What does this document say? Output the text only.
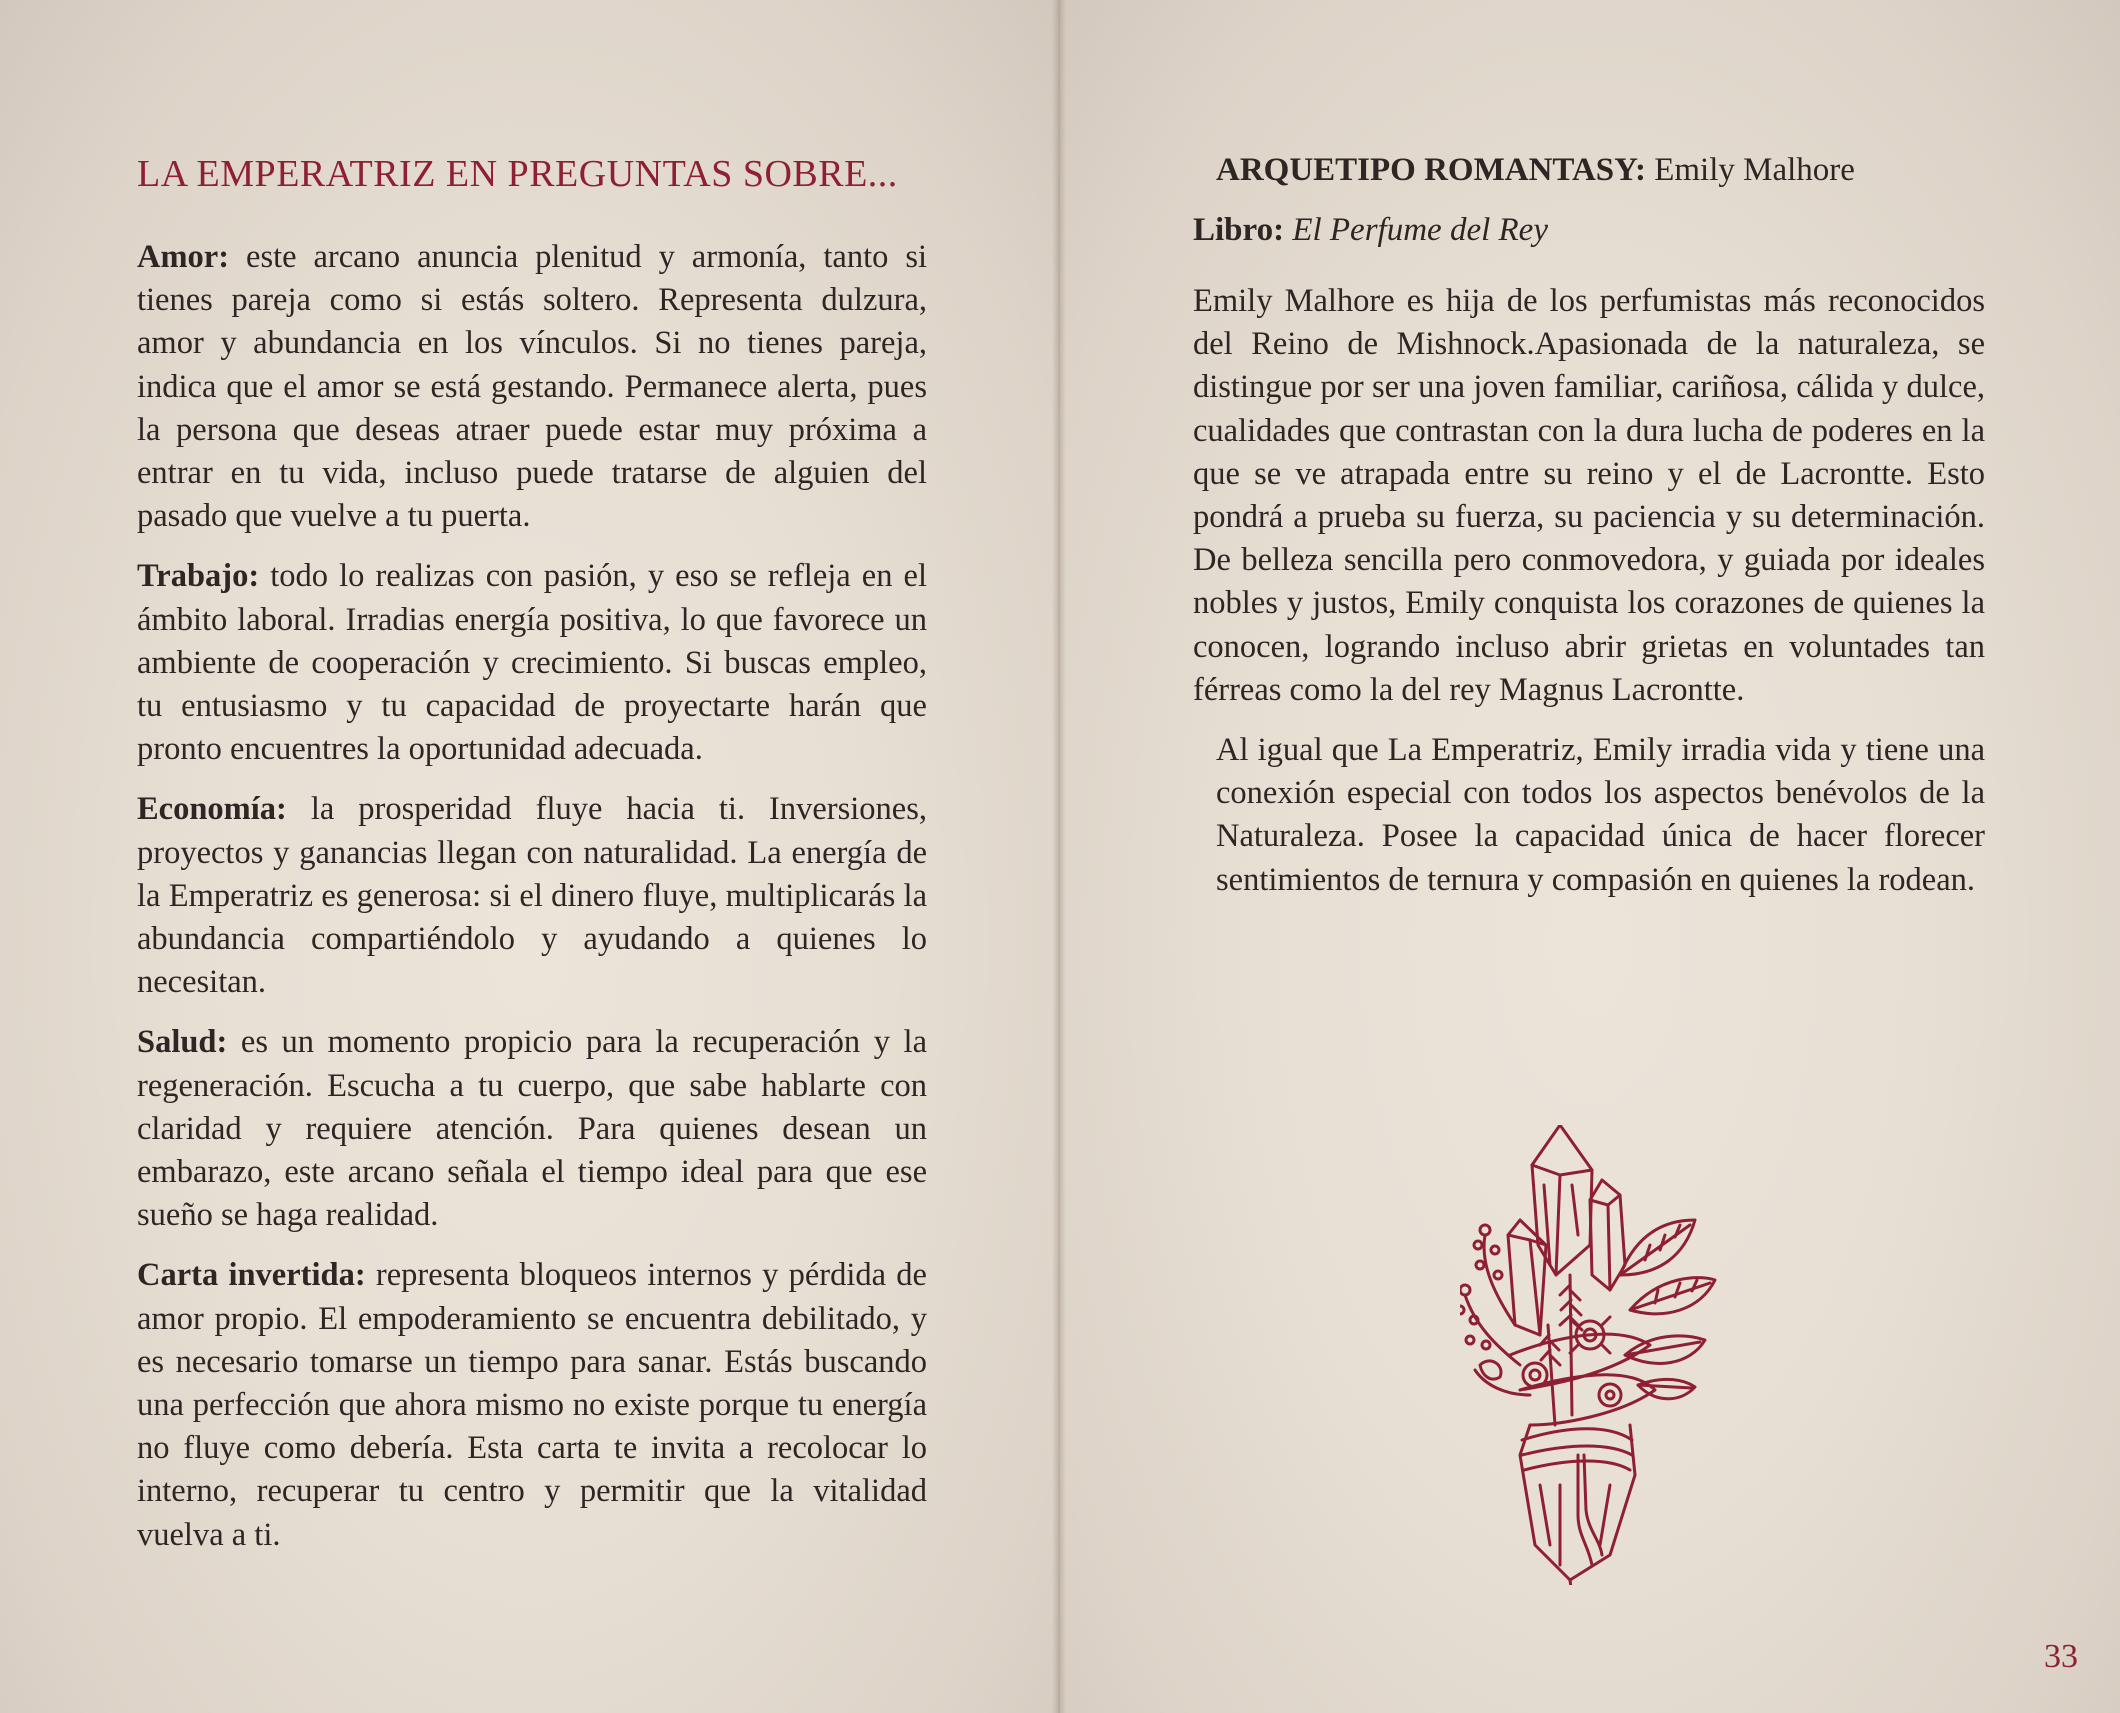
LA EMPERATRIZ EN PREGUNTAS SOBRE...

Amor: este arcano anuncia plenitud y armonía, tanto si tienes pareja como si estás soltero. Representa dulzura, amor y abundancia en los vínculos. Si no tienes pareja, indica que el amor se está gestando. Permanece alerta, pues la persona que deseas atraer puede estar muy próxima a entrar en tu vida, incluso puede tratarse de alguien del pasado que vuelve a tu puerta.

Trabajo: todo lo realizas con pasión, y eso se refleja en el ámbito laboral. Irradias energía positiva, lo que favorece un ambiente de cooperación y crecimiento. Si buscas empleo, tu entusiasmo y tu capacidad de proyectarte harán que pronto encuentres la oportunidad adecuada.

Economía: la prosperidad fluye hacia ti. Inversiones, proyectos y ganancias llegan con naturalidad. La energía de la Emperatriz es generosa: si el dinero fluye, multiplicarás la abundancia compartiéndolo y ayudando a quienes lo necesitan.

Salud: es un momento propicio para la recuperación y la regeneración. Escucha a tu cuerpo, que sabe hablarte con claridad y requiere atención. Para quienes desean un embarazo, este arcano señala el tiempo ideal para que ese sueño se haga realidad.

Carta invertida: representa bloqueos internos y pérdida de amor propio. El empoderamiento se encuentra debilitado, y es necesario tomarse un tiempo para sanar. Estás buscando una perfección que ahora mismo no existe porque tu energía no fluye como debería. Esta carta te invita a recolocar lo interno, recuperar tu centro y permitir que la vitalidad vuelva a ti.

ARQUETIPO ROMANTASY: Emily Malhore

Libro: El Perfume del Rey

Emily Malhore es hija de los perfumistas más reconocidos del Reino de Mishnock.Apasionada de la naturaleza, se distingue por ser una joven familiar, cariñosa, cálida y dulce, cualidades que contrastan con la dura lucha de poderes en la que se ve atrapada entre su reino y el de Lacrontte. Esto pondrá a prueba su fuerza, su paciencia y su determinación. De belleza sencilla pero conmovedora, y guiada por ideales nobles y justos, Emily conquista los corazones de quienes la conocen, logrando incluso abrir grietas en voluntades tan férreas como la del rey Magnus Lacrontte.

Al igual que La Emperatriz, Emily irradia vida y tiene una conexión especial con todos los aspectos benévolos de la Naturaleza. Posee la capacidad única de hacer florecer sentimientos de ternura y compasión en quienes la rodean.

33
